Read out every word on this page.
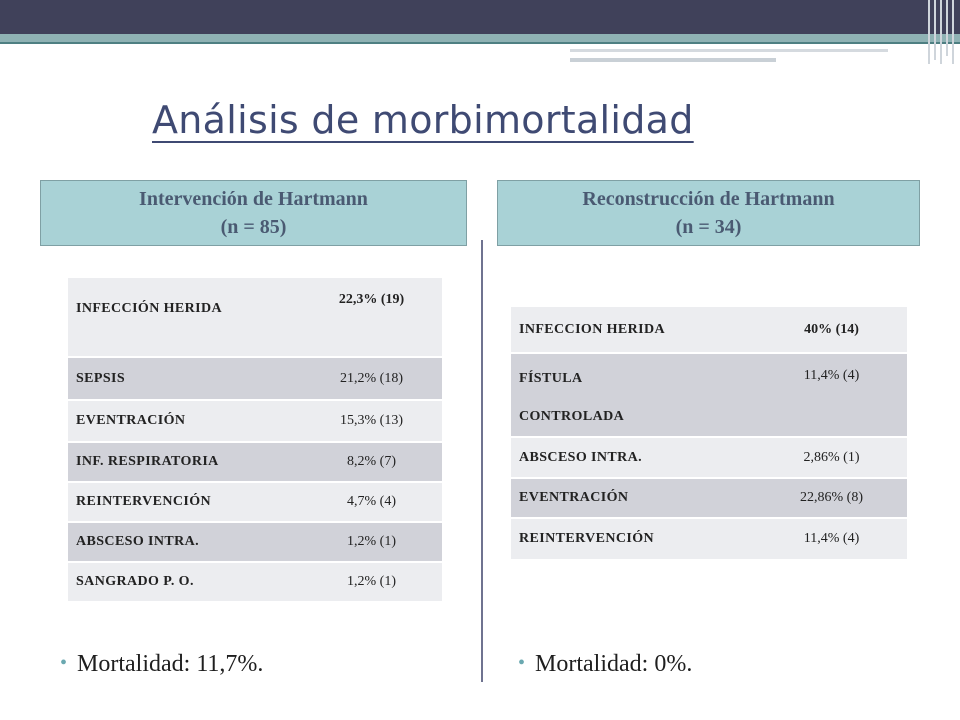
Análisis de morbimortalidad
Intervención de Hartmann
(n = 85)
Reconstrucción de Hartmann
(n = 34)
INFECCIÓN HERIDA	22,3% (19)
SEPSIS	21,2% (18)
EVENTRACIÓN	15,3% (13)
INF. RESPIRATORIA	8,2% (7)
REINTERVENCIÓN	4,7% (4)
ABSCESO INTRA.	1,2% (1)
SANGRADO P. O.	1,2% (1)
INFECCION HERIDA	40% (14)
FÍSTULA CONTROLADA	11,4% (4)
ABSCESO INTRA.	2,86% (1)
EVENTRACIÓN	22,86% (8)
REINTERVENCIÓN	11,4% (4)
• Mortalidad: 11,7%.	• Mortalidad: 0%.
